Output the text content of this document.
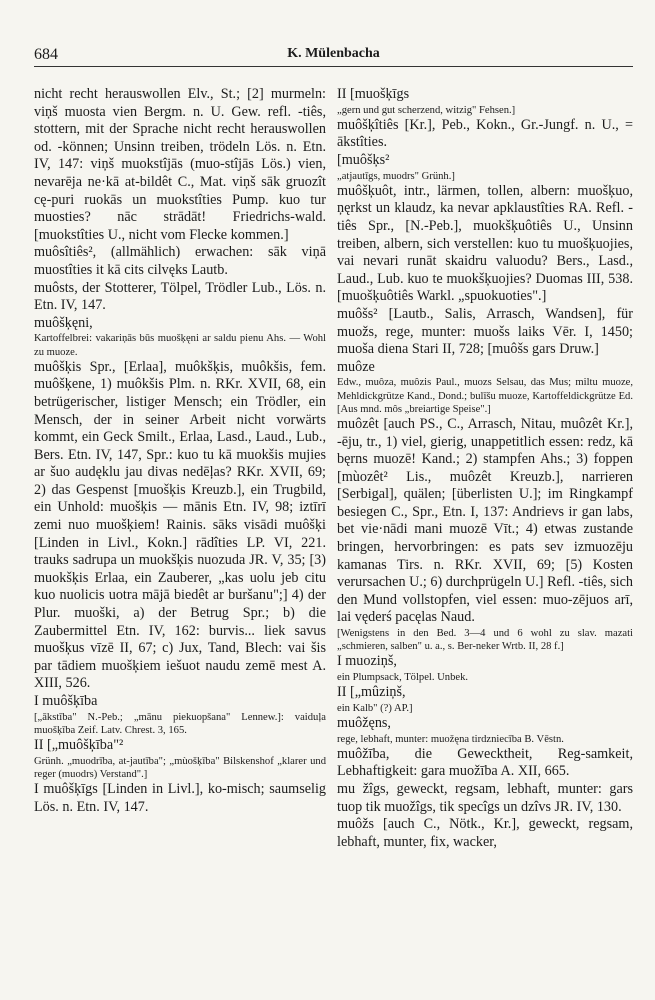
684	K. Mülenbacha

nicht recht herauswollen Elv., St.; [2] murmeln: viņš muosta vien Bergm. n. U. Gew. refl. -tiês, stottern, mit der Sprache nicht recht herauswollen od. -können; Unsinn treiben, trödeln Lös. n. Etn. IV, 147: viņš muokstîjās (muo-stîjās Lös.) vien, nevarēja ne·kā at-bildêt C., Mat. viņš sāk gruozît cę-puri ruokās un muokstîties Pump. kuo tur muosties? nāc strādāt! Friedrichs-wald. [muokstîties U., nicht vom Flecke kommen.]

muôsîtiês², (allmählich) erwachen: sāk viņā muostîties it kā cits cilvęks Lautb.

muôsts, der Stotterer, Tölpel, Trödler Lub., Lös. n. Etn. IV, 147.

muôšķęni,

Kartoffelbrei: vakariņās būs muošķęni ar saldu pienu Ahs. — Wohl zu muoze.

muôšķis Spr., [Erlaa], muôkšķis, muôkšis, fem. muôšķene, 1) muôkšis Plm. n. RKr. XVII, 68, ein betrügerischer, listiger Mensch; ein Trödler, ein Mensch, der in seiner Arbeit nicht vorwärts kommt, ein Geck Smilt., Erlaa, Lasd., Laud., Lub., Bers. Etn. IV, 147, Spr.: kuo tu kā muokšis mujies ar šuo audęklu jau divas nedēļas? RKr. XVII, 69; 2) das Gespenst [muošķis Kreuzb.], ein Trugbild, ein Unhold: muošķis — mānis Etn. IV, 98; iztīrī zemi nuo muošķiem! Rainis. sāks visādi muôšķi [Linden in Livl., Kokn.] rādîties LP. VI, 221. trauks sadrupa un muokšķis nuozuda JR. V, 35; [3) muokšķis Erlaa, ein Zauberer, „kas uolu jeb citu kuo nuolicis uotra mājā biedêt ar buršanu";] 4) der Plur. muoški, a) der Betrug Spr.; b) die Zaubermittel Etn. IV, 162: burvis... liek savus muošķus vīzē II, 67; c) Jux, Tand, Blech: vai šis par tādiem muošķiem iešuot naudu zemē mest A. XIII, 526.

I muôšķība

[„ākstība" N.-Peb.; „mānu piekuopšana" Lennew.]: vaiduļa muošķība Zeif. Latv. Chrest. 3, 165.

II [„muôšķība"²

Grünh. „muodrība, at-jautība"; „mùošķība" Bilskenshof „klarer und reger (muodrs) Verstand".]

I muôšķīgs [Linden in Livl.], ko-misch; saumselig Lös. n. Etn. IV, 147.

II [muošķīgs

„gern und gut scherzend, witzig" Fehsen.]

muôšķîtiês [Kr.], Peb., Kokn., Gr.-Jungf. n. U., = ākstîties.

[muôšķs²

„atjautīgs, muodrs" Grünh.]

muôšķuôt, intr., lärmen, tollen, albern: muošķuo, ņęrkst un klaudz, ka nevar apklaustîties RA. Refl. -tiês Spr., [N.-Peb.], muokšķuôtiês U., Unsinn treiben, albern, sich verstellen: kuo tu muošķuojies, vai nevari runāt skaidru valuodu? Bers., Lasd., Laud., Lub. kuo te muokšķuojies? Duomas III, 538. [muošķuôtiês Warkl. „spuokuoties".]

muôšs² [Lautb., Salis, Arrasch, Wandsen], für muožs, rege, munter: muošs laiks Vēr. I, 1450; muoša diena Stari II, 728; [muôšs gars Druw.]

muôze

Edw., muôza, muôzis Paul., muozs Selsau, das Mus; miltu muoze, Mehldickgrütze Kand., Dond.; bulīšu muoze, Kartoffeldickgrütze Ed. [Aus mnd. môs „breiartige Speise".]

muôzêt [auch PS., C., Arrasch, Nitau, muôzêt Kr.], -ēju, tr., 1) viel, gierig, unappetitlich essen: redz, kā bęrns muozē! Kand.; 2) stampfen Ahs.; 3) foppen [mùozêt² Lis., muôzêt Kreuzb.], narrieren [Serbigal], quälen; [überlisten U.]; im Ringkampf besiegen C., Spr., Etn. I, 137: Andrievs ir gan labs, bet vie·nādi mani muozē Vīt.; 4) etwas zustande bringen, hervorbringen: es pats sev izmuozēju kamanas Tirs. n. RKr. XVII, 69; [5) Kosten verursachen U.; 6) durchprügeln U.] Refl. -tiês, sich den Mund vollstopfen, viel essen: muo-zējuos arī, lai vęderś pacęlas Naud.

[Wenigstens in den Bed. 3—4 und 6 wohl zu slav. mazati „schmieren, salben" u. a., s. Ber-neker Wrtb. II, 28 f.]

I muoziņš,

ein Plumpsack, Tölpel. Unbek.

II [„mûziņš,

ein Kalb" (?) AP.]

muôžęns,

rege, lebhaft, munter: muožęna tirdzniecība B. Vēstn.

muôžība, die Gewecktheit, Reg-samkeit, Lebhaftigkeit: gara muožība A. XII, 665.

mu žîgs, geweckt, regsam, lebhaft, munter: gars tuop tik muožîgs, tik specîgs un dzîvs JR. IV, 130.

muôžs [auch C., Nötk., Kr.], geweckt, regsam, lebhaft, munter, fix, wacker,
